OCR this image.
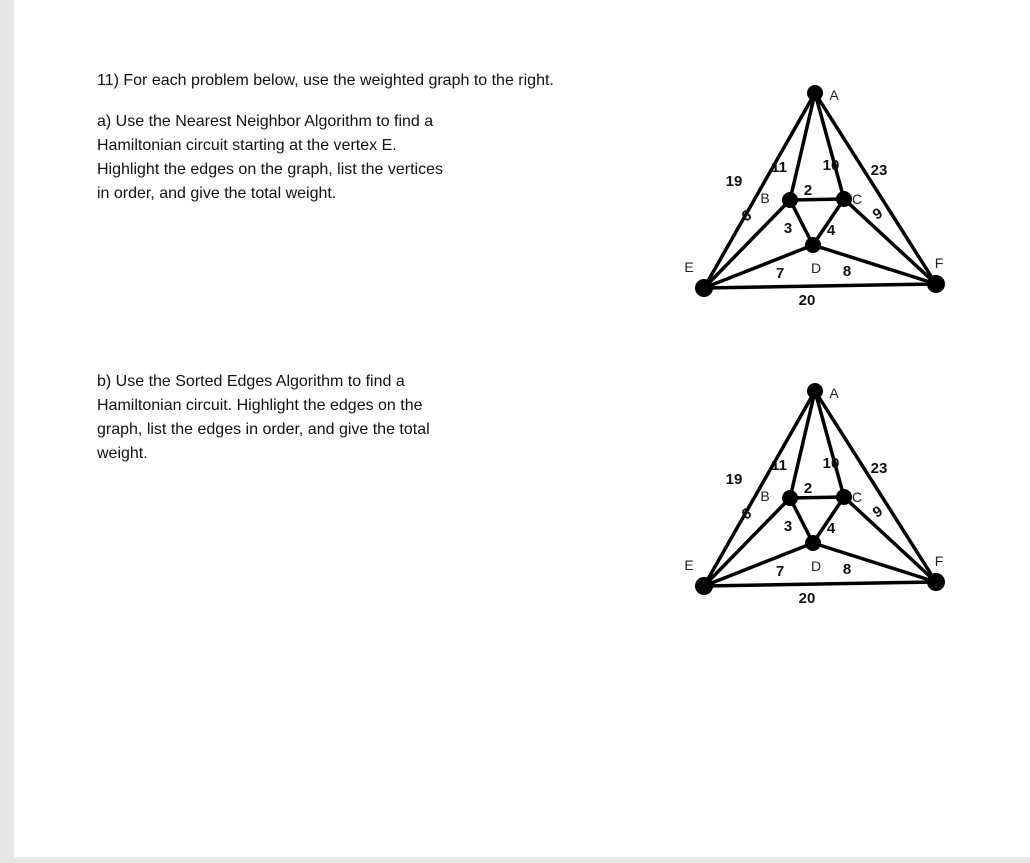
11) For each problem below, use the weighted graph to the right.
a) Use the Nearest Neighbor Algorithm to find a
Hamiltonian circuit starting at the vertex E.
Highlight the edges on the graph, list the vertices
in order, and give the total weight.
b) Use the Sorted Edges Algorithm to find a
Hamiltonian circuit. Highlight the edges on the
graph, list the edges in order, and give the total
weight.
19
11 10 23
2
6
3 4
9
7	8
20
A
B	C
D
E	F
19
11 10 23
2
6
3 4
9
7	8
20
A
B	C
D
E	F
